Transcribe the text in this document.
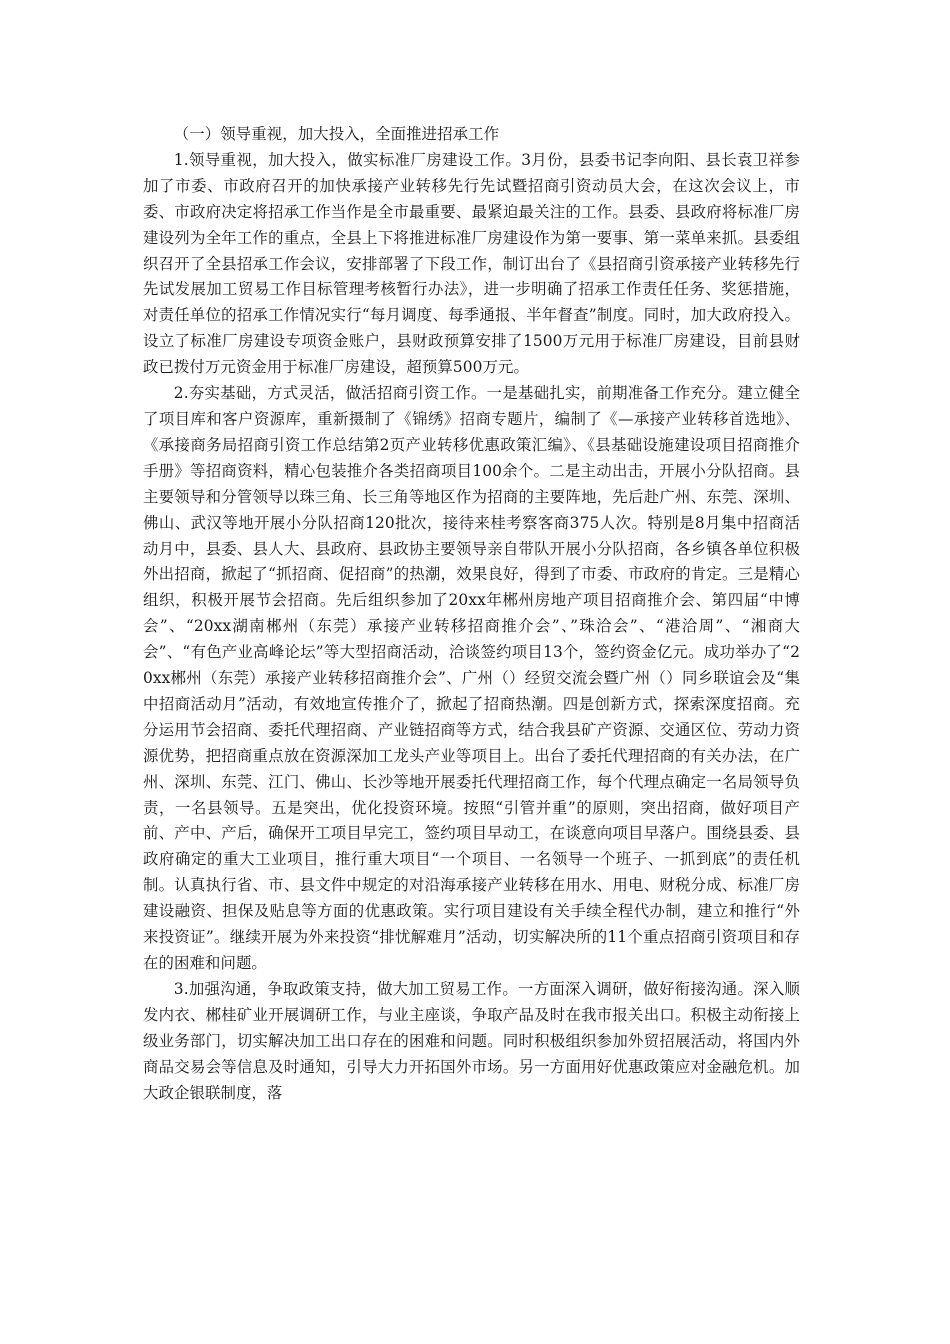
（一）领导重视，加大投入，全面推进招承工作

1.领导重视，加大投入，做实标准厂房建设工作。3月份，县委书记李向阳、县长袁卫祥参加了市委、市政府召开的加快承接产业转移先行先试暨招商引资动员大会，在这次会议上，市委、市政府决定将招承工作当作是全市最重要、最紧迫最关注的工作。县委、县政府将标准厂房建设列为全年工作的重点，全县上下将推进标准厂房建设作为第一要事、第一菜单来抓。县委组织召开了全县招承工作会议，安排部署了下段工作，制订出台了《县招商引资承接产业转移先行先试发展加工贸易工作目标管理考核暂行办法》，进一步明确了招承工作责任任务、奖惩措施，对责任单位的招承工作情况实行“每月调度、每季通报、半年督查”制度。同时，加大政府投入。设立了标准厂房建设专项资金账户，县财政预算安排了1500万元用于标准厂房建设，目前县财政已拨付万元资金用于标准厂房建设，超预算500万元。

2.夯实基础，方式灵活，做活招商引资工作。一是基础扎实，前期准备工作充分。建立健全了项目库和客户资源库，重新摄制了《锦绣》招商专题片，编制了《—承接产业转移首选地》、《承接商务局招商引资工作总结第2页产业转移优惠政策汇编》、《县基础设施建设项目招商推介手册》等招商资料，精心包装推介各类招商项目100余个。二是主动出击，开展小分队招商。县主要领导和分管领导以珠三角、长三角等地区作为招商的主要阵地，先后赴广州、东莞、深圳、佛山、武汉等地开展小分队招商120批次，接待来桂考察客商375人次。特别是8月集中招商活动月中，县委、县人大、县政府、县政协主要领导亲自带队开展小分队招商，各乡镇各单位积极外出招商，掀起了“抓招商、促招商”的热潮，效果良好，得到了市委、市政府的肯定。三是精心组织，积极开展节会招商。先后组织参加了20xx年郴州房地产项目招商推介会、第四届“中博会”、“20xx湖南郴州（东莞）承接产业转移招商推介会”、”珠洽会”、“港洽周”、“湘商大会”、“有色产业高峰论坛”等大型招商活动，洽谈签约项目13个，签约资金亿元。成功举办了“20xx郴州（东莞）承接产业转移招商推介会”、广州（）经贸交流会暨广州（）同乡联谊会及“集中招商活动月”活动，有效地宣传推介了，掀起了招商热潮。四是创新方式，探索深度招商。充分运用节会招商、委托代理招商、产业链招商等方式，结合我县矿产资源、交通区位、劳动力资源优势，把招商重点放在资源深加工龙头产业等项目上。出台了委托代理招商的有关办法，在广州、深圳、东莞、江门、佛山、长沙等地开展委托代理招商工作，每个代理点确定一名局领导负责，一名县领导。五是突出，优化投资环境。按照“引管并重”的原则，突出招商，做好项目产前、产中、产后，确保开工项目早完工，签约项目早动工，在谈意向项目早落户。围绕县委、县政府确定的重大工业项目，推行重大项目“一个项目、一名领导一个班子、一抓到底”的责任机制。认真执行省、市、县文件中规定的对沿海承接产业转移在用水、用电、财税分成、标准厂房建设融资、担保及贴息等方面的优惠政策。实行项目建设有关手续全程代办制，建立和推行“外来投资证”。继续开展为外来投资“排忧解难月”活动，切实解决所的11个重点招商引资项目和存在的困难和问题。

3.加强沟通，争取政策支持，做大加工贸易工作。一方面深入调研，做好衔接沟通。深入顺发内衣、郴桂矿业开展调研工作，与业主座谈，争取产品及时在我市报关出口。积极主动衔接上级业务部门，切实解决加工出口存在的困难和问题。同时积极组织参加外贸招展活动，将国内外商品交易会等信息及时通知，引导大力开拓国外市场。另一方面用好优惠政策应对金融危机。加大政企银联制度，落
